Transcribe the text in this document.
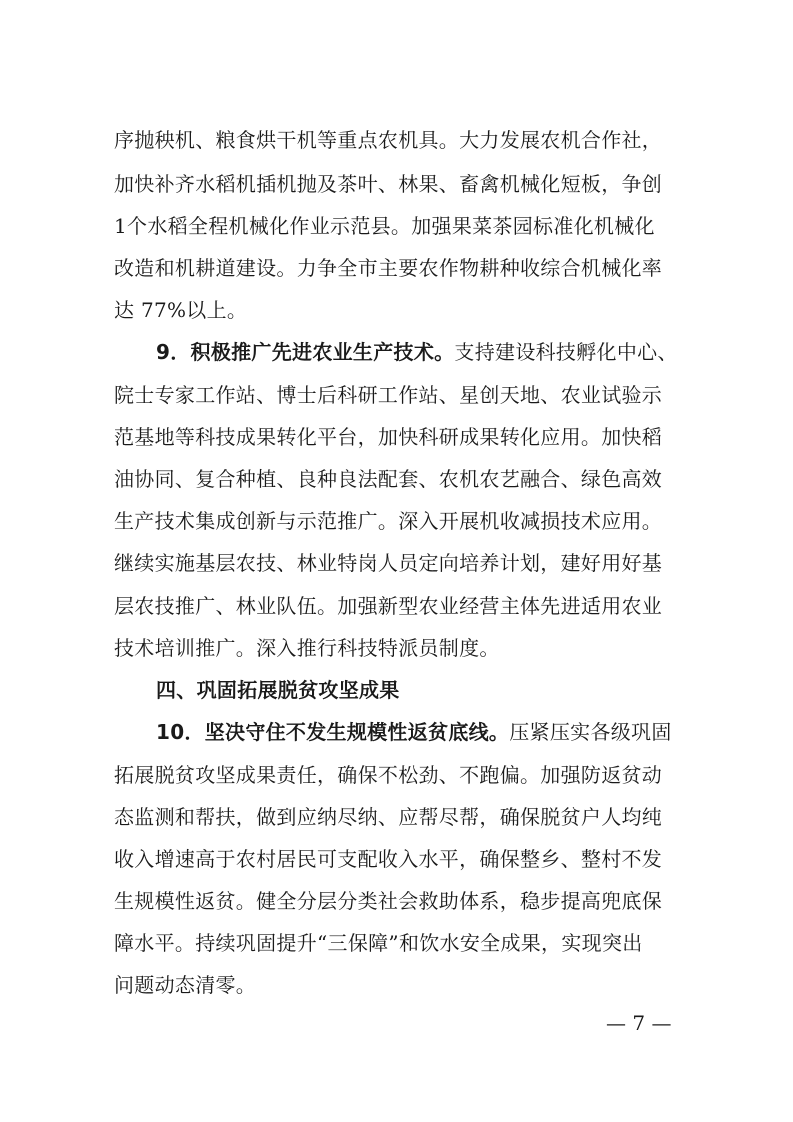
序抛秧机、粮食烘干机等重点农机具。大力发展农机合作社，
加快补齐水稻机插机抛及茶叶、林果、畜禽机械化短板，争创
1个水稻全程机械化作业示范县。加强果菜茶园标准化机械化
改造和机耕道建设。力争全市主要农作物耕种收综合机械化率
达 77%以上。
9．积极推广先进农业生产技术。支持建设科技孵化中心、
院士专家工作站、博士后科研工作站、星创天地、农业试验示
范基地等科技成果转化平台，加快科研成果转化应用。加快稻
油协同、复合种植、良种良法配套、农机农艺融合、绿色高效
生产技术集成创新与示范推广。深入开展机收减损技术应用。
继续实施基层农技、林业特岗人员定向培养计划，建好用好基
层农技推广、林业队伍。加强新型农业经营主体先进适用农业
技术培训推广。深入推行科技特派员制度。
四、巩固拓展脱贫攻坚成果
10．坚决守住不发生规模性返贫底线。压紧压实各级巩固
拓展脱贫攻坚成果责任，确保不松劲、不跑偏。加强防返贫动
态监测和帮扶，做到应纳尽纳、应帮尽帮，确保脱贫户人均纯
收入增速高于农村居民可支配收入水平，确保整乡、整村不发
生规模性返贫。健全分层分类社会救助体系，稳步提高兜底保
障水平。持续巩固提升“三保障”和饮水安全成果，实现突出
问题动态清零。
— 7 —
